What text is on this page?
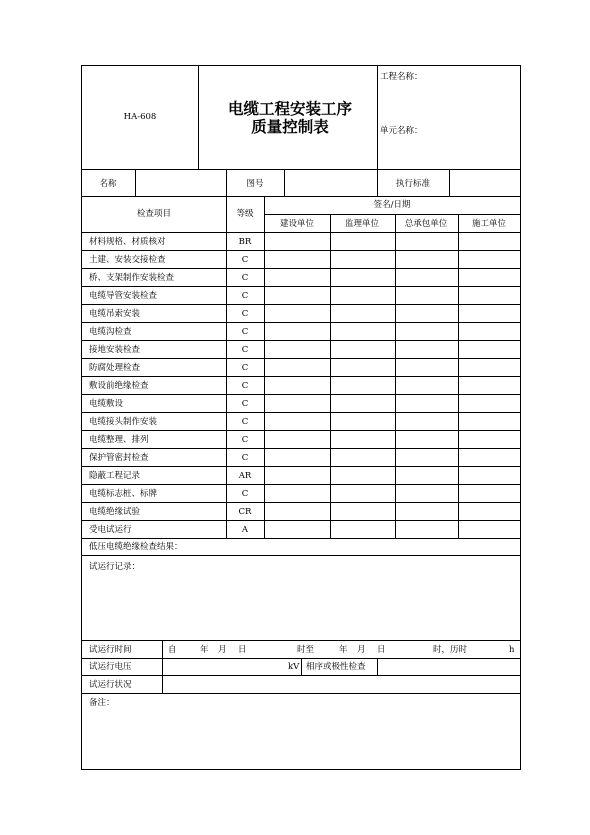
HA-608	电缆工程安装工序
质量控制表
工程名称：
单元名称：
名称	图号	执行标准
检查项目	等级
签名/日期
建设单位	监理单位	总承包单位	施工单位
材料规格、材质核对	BR
土建、安装交接检查	C
桥、支架制作安装检查	C
电缆导管安装检查	C
电缆吊索安装	C
电缆沟检查	C
接地安装检查	C
防腐处理检查	C
敷设前绝缘检查	C
电缆敷设	C
电缆接头制作安装	C
电缆整理、排列	C
保护管密封检查	C
隐蔽工程记录	AR
电缆标志桩、标牌	C
电缆绝缘试验	CR
受电试运行	A
低压电缆绝缘检查结果：
试运行记录：
试运行时间	自	年 月 日	时至	年 月 日	时，历时	h
试运行电压	kV 相序或极性检查
试运行状况
备注：
